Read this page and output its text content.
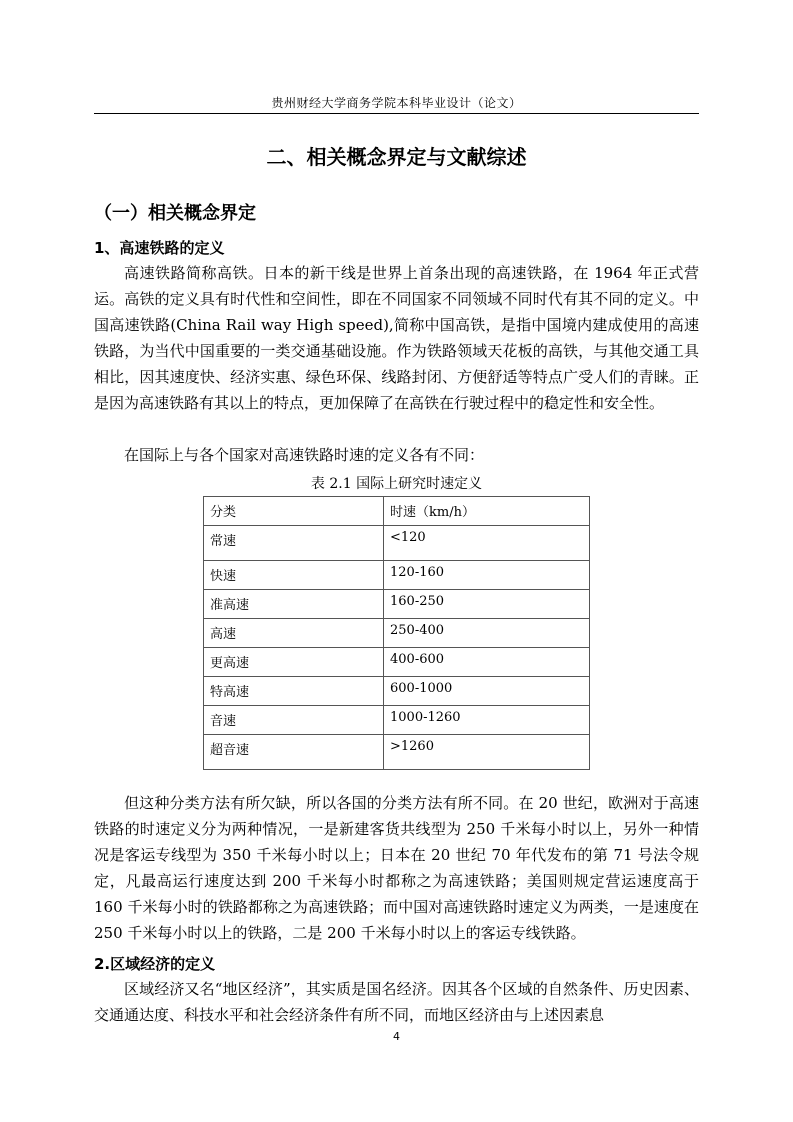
贵州财经大学商务学院本科毕业设计（论文）
二、相关概念界定与文献综述
（一）相关概念界定
1、高速铁路的定义

高速铁路简称高铁。日本的新干线是世界上首条出现的高速铁路，在 1964 年正式营运。高铁的定义具有时代性和空间性，即在不同国家不同领域不同时代有其不同的定义。中国高速铁路(China Rail way High speed),简称中国高铁，是指中国境内建成使用的高速铁路，为当代中国重要的一类交通基础设施。作为铁路领域天花板的高铁，与其他交通工具相比，因其速度快、经济实惠、绿色环保、线路封闭、方便舒适等特点广受人们的青睐。正是因为高速铁路有其以上的特点，更加保障了在高铁在行驶过程中的稳定性和安全性。

在国际上与各个国家对高速铁路时速的定义各有不同：

表 2.1 国际上研究时速定义
分类	时速（km/h）
常速	<120
快速	120-160
准高速	160-250
高速	250-400
更高速	400-600
特高速	600-1000
音速	1000-1260
超音速	>1260

但这种分类方法有所欠缺，所以各国的分类方法有所不同。在 20 世纪，欧洲对于高速铁路的时速定义分为两种情况，一是新建客货共线型为 250 千米每小时以上，另外一种情况是客运专线型为 350 千米每小时以上；日本在 20 世纪 70 年代发布的第 71 号法令规定，凡最高运行速度达到 200 千米每小时都称之为高速铁路；美国则规定营运速度高于 160 千米每小时的铁路都称之为高速铁路；而中国对高速铁路时速定义为两类，一是速度在 250 千米每小时以上的铁路，二是 200 千米每小时以上的客运专线铁路。

2.区域经济的定义

区域经济又名“地区经济”，其实质是国名经济。因其各个区域的自然条件、历史因素、交通通达度、科技水平和社会经济条件有所不同，而地区经济由与上述因素息

4
